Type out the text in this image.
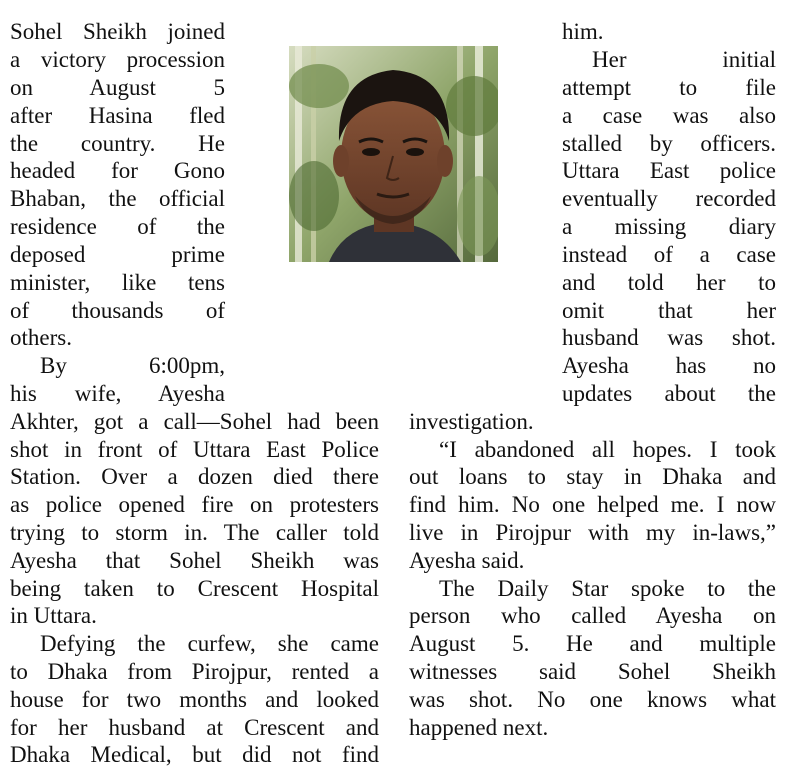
Sohel Sheikh joined
a victory procession
on August 5
after Hasina fled
the country. He
headed for Gono
Bhaban, the official
residence of the
deposed prime
minister, like tens
of thousands of
others.
By 6:00pm,
his wife, Ayesha
Akhter, got a call—Sohel had been
shot in front of Uttara East Police
Station. Over a dozen died there
as police opened fire on protesters
trying to storm in. The caller told
Ayesha that Sohel Sheikh was
being taken to Crescent Hospital
in Uttara.
Defying the curfew, she came
to Dhaka from Pirojpur, rented a
house for two months and looked
for her husband at Crescent and
Dhaka Medical, but did not find
him.
Her initial
attempt to file
a case was also
stalled by officers.
Uttara East police
eventually recorded
a missing diary
instead of a case
and told her to
omit that her
husband was shot.
Ayesha has no
updates about the
investigation.
“I abandoned all hopes. I took
out loans to stay in Dhaka and
find him. No one helped me. I now
live in Pirojpur with my in-laws,”
Ayesha said.
The Daily Star spoke to the
person who called Ayesha on
August 5. He and multiple
witnesses said Sohel Sheikh
was shot. No one knows what
happened next.
